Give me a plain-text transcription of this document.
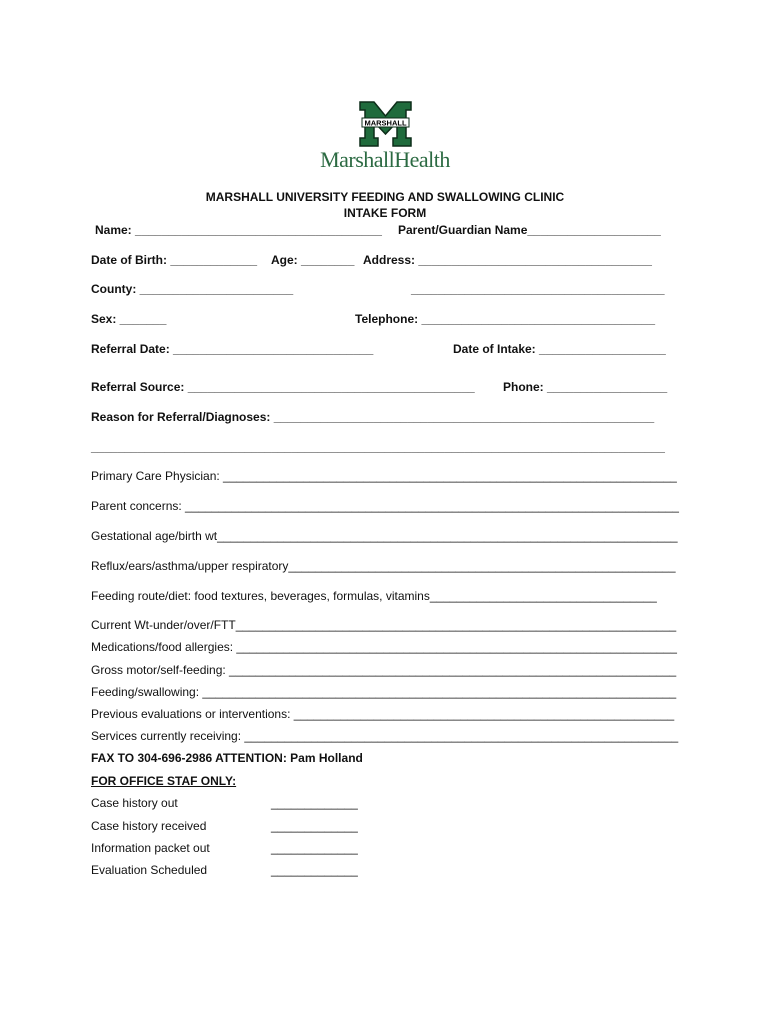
MARSHALL
MarshallHealth
MARSHALL UNIVERSITY FEEDING AND SWALLOWING CLINIC
INTAKE FORM
Name: _____________________________________ Parent/Guardian Name____________________
Date of Birth: _____________ Age: ________ Address: ___________________________________
County: _______________________	______________________________________
Sex: _______	Telephone: ___________________________________
Referral Date: ______________________________	Date of Intake: ___________________
Referral Source: ___________________________________________ Phone: __________________
Reason for Referral/Diagnoses: _________________________________________________________
______________________________________________________________________________________
Primary Care Physician: ____________________________________________________________________
Parent concerns: __________________________________________________________________________
Gestational age/birth wt_____________________________________________________________________
Reflux/ears/asthma/upper respiratory__________________________________________________________
Feeding route/diet: food textures, beverages, formulas, vitamins__________________________________
Current Wt-under/over/FTT__________________________________________________________________
Medications/food allergies: __________________________________________________________________
Gross motor/self-feeding: ___________________________________________________________________
Feeding/swallowing: _______________________________________________________________________
Previous evaluations or interventions: _________________________________________________________
Services currently receiving: _________________________________________________________________
FAX TO 304-696-2986 ATTENTION: Pam Holland
FOR OFFICE STAF ONLY:
Case history out	_____________
Case history received	_____________
Information packet out	_____________
Evaluation Scheduled	_____________
